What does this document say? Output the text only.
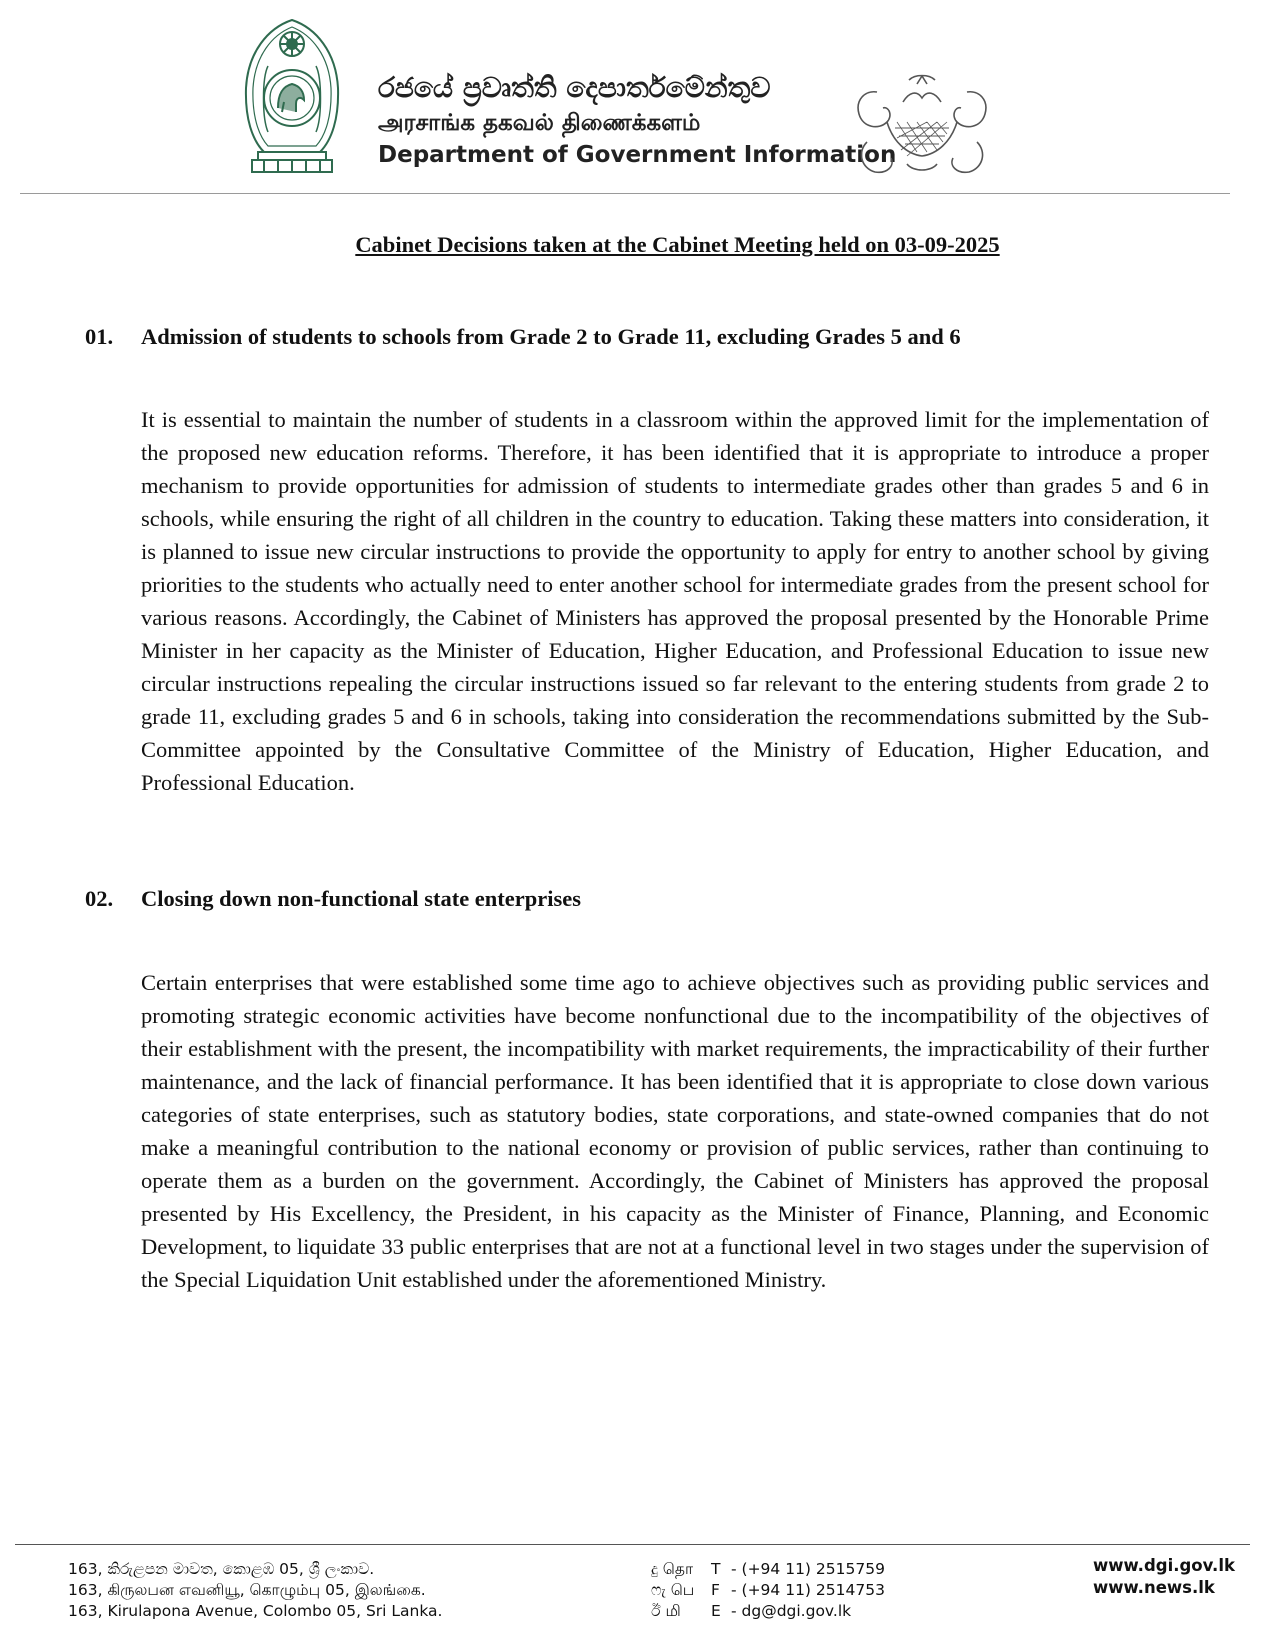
රජයේ ප්‍රවෘත්ති දෙපාර්තමේන්තුව
அரசாங்க தகவல் திணைக்களம்
Department of Government Information
Cabinet Decisions taken at the Cabinet Meeting held on 03-09-2025
01. Admission of students to schools from Grade 2 to Grade 11, excluding Grades 5 and 6

It is essential to maintain the number of students in a classroom within the approved limit for the implementation of the proposed new education reforms. Therefore, it has been identified that it is appropriate to introduce a proper mechanism to provide opportunities for admission of students to intermediate grades other than grades 5 and 6 in schools, while ensuring the right of all children in the country to education. Taking these matters into consideration, it is planned to issue new circular instructions to provide the opportunity to apply for entry to another school by giving priorities to the students who actually need to enter another school for intermediate grades from the present school for various reasons. Accordingly, the Cabinet of Ministers has approved the proposal presented by the Honorable Prime Minister in her capacity as the Minister of Education, Higher Education, and Professional Education to issue new circular instructions repealing the circular instructions issued so far relevant to the entering students from grade 2 to grade 11, excluding grades 5 and 6 in schools, taking into consideration the recommendations submitted by the Sub-Committee appointed by the Consultative Committee of the Ministry of Education, Higher Education, and Professional Education.

02. Closing down non-functional state enterprises

Certain enterprises that were established some time ago to achieve objectives such as providing public services and promoting strategic economic activities have become nonfunctional due to the incompatibility of the objectives of their establishment with the present, the incompatibility with market requirements, the impracticability of their further maintenance, and the lack of financial performance. It has been identified that it is appropriate to close down various categories of state enterprises, such as statutory bodies, state corporations, and state-owned companies that do not make a meaningful contribution to the national economy or provision of public services, rather than continuing to operate them as a burden on the government. Accordingly, the Cabinet of Ministers has approved the proposal presented by His Excellency, the President, in his capacity as the Minister of Finance, Planning, and Economic Development, to liquidate 33 public enterprises that are not at a functional level in two stages under the supervision of the Special Liquidation Unit established under the aforementioned Ministry.

163, කිරුළපන මාවත, කොළඹ 05, ශ්‍රී ලංකාව.
163, கிருலபன எவனியூ, கொழும்பு 05, இலங்கை.
163, Kirulapona Avenue, Colombo 05, Sri Lanka.
දු தொ T - (+94 11) 2515759
ෆැ பெ F - (+94 11) 2514753
ඊ மி E - dg@dgi.gov.lk
www.dgi.gov.lk
www.news.lk
